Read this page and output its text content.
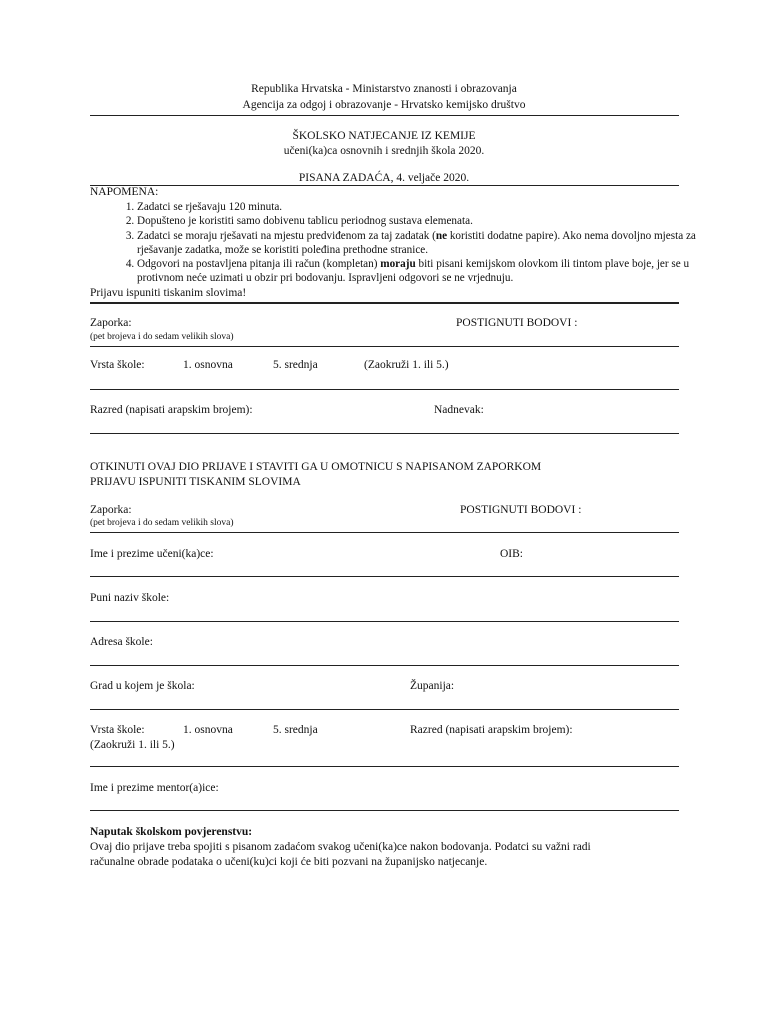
Republika Hrvatska - Ministarstvo znanosti i obrazovanja
Agencija za odgoj i obrazovanje - Hrvatsko kemijsko društvo
ŠKOLSKO NATJECANJE IZ KEMIJE
učeni(ka)ca osnovnih i srednjih škola 2020.
PISANA ZADAĆA, 4. veljače 2020.
NAPOMENA:
1. Zadatci se rješavaju 120 minuta.
2. Dopušteno je koristiti samo dobivenu tablicu periodnog sustava elemenata.
3. Zadatci se moraju rješavati na mjestu predviđenom za taj zadatak (ne koristiti dodatne papire). Ako nema dovoljno mjesta za rješavanje zadatka, može se koristiti poleđina prethodne stranice.
4. Odgovori na postavljena pitanja ili račun (kompletan) moraju biti pisani kemijskom olovkom ili tintom plave boje, jer se u protivnom neće uzimati u obzir pri bodovanju. Ispravljeni odgovori se ne vrjednuju.
Prijavu ispuniti tiskanim slovima!
Zaporka:
(pet brojeva i do sedam velikih slova)
POSTIGNUTI BODOVI :
Vrsta škole:	1. osnovna	5. srednja	(Zaokruži 1. ili 5.)
Razred (napisati arapskim brojem):	Nadnevak:
OTKINUTI OVAJ DIO PRIJAVE I STAVITI GA U OMOTNICU S NAPISANOM ZAPORKOM
PRIJAVU ISPUNITI TISKANIM SLOVIMA
Zaporka:
(pet brojeva i do sedam velikih slova)
POSTIGNUTI BODOVI :
Ime i prezime učeni(ka)ce:	OIB:
Puni naziv škole:
Adresa škole:
Grad u kojem je škola:	Županija:
Vrsta škole:	1. osnovna	5. srednja
(Zaokruži 1. ili 5.)
Razred (napisati arapskim brojem):
Ime i prezime mentor(a)ice:
Naputak školskom povjerenstvu:
Ovaj dio prijave treba spojiti s pisanom zadaćom svakog učeni(ka)ce nakon bodovanja. Podatci su važni radi
računalne obrade podataka o učeni(ku)ci koji će biti pozvani na županijsko natjecanje.
